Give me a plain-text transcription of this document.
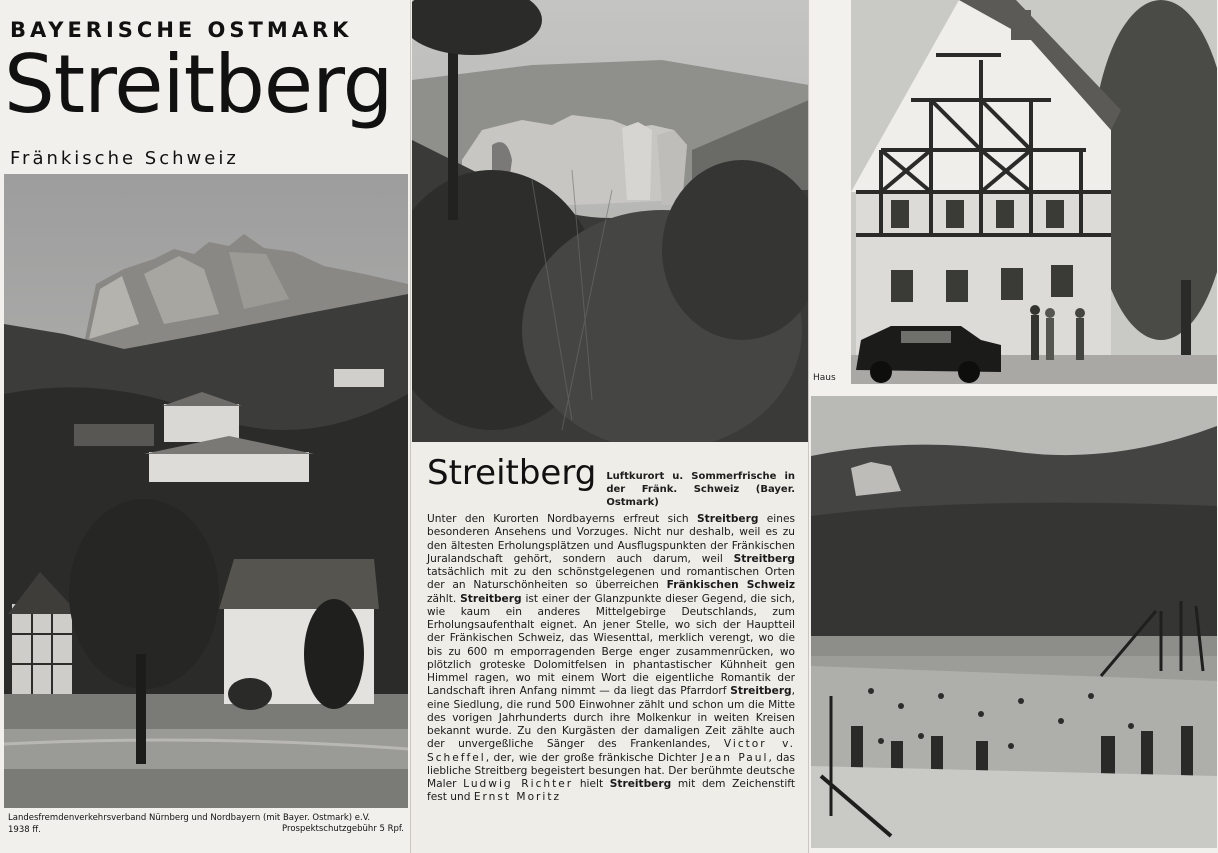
BAYERISCHE OSTMARK
Streitberg
Fränkische Schweiz
Landesfremdenverkehrsverband Nürnberg und Nordbayern (mit Bayer. Ostmark) e.V.
1938 ff.	Prospektschutzgebühr 5 Rpf.
Streitberg Luftkurort u. Sommerfrische in der Fränk. Schweiz (Bayer. Ostmark)
Unter den Kurorten Nordbayerns erfreut sich Streitberg eines besonderen Ansehens und Vorzuges. Nicht nur deshalb, weil es zu den ältesten Erholungsplätzen und Ausflugspunkten der Fränkischen Juralandschaft gehört, sondern auch darum, weil Streitberg tatsächlich mit zu den schönstgelegenen und romantischen Orten der an Naturschönheiten so überreichen Fränkischen Schweiz zählt. Streitberg ist einer der Glanzpunkte dieser Gegend, die sich, wie kaum ein anderes Mittelgebirge Deutschlands, zum Erholungsaufenthalt eignet. An jener Stelle, wo sich der Hauptteil der Fränkischen Schweiz, das Wiesenttal, merklich verengt, wo die bis zu 600 m emporragenden Berge enger zusammenrücken, wo plötzlich groteske Dolomitfelsen in phantastischer Kühnheit gen Himmel ragen, wo mit einem Wort die eigentliche Romantik der Landschaft ihren Anfang nimmt — da liegt das Pfarrdorf Streitberg, eine Siedlung, die rund 500 Einwohner zählt und schon um die Mitte des vorigen Jahrhunderts durch ihre Molkenkur in weiten Kreisen bekannt wurde. Zu den Kurgästen der damaligen Zeit zählte auch der unvergeßliche Sänger des Frankenlandes, Victor v. Scheffel, der, wie der große fränkische Dichter Jean Paul, das liebliche Streitberg begeistert besungen hat. Der berühmte deutsche Maler Ludwig Richter hielt Streitberg mit dem Zeichenstift fest und Ernst Moritz
Haus
